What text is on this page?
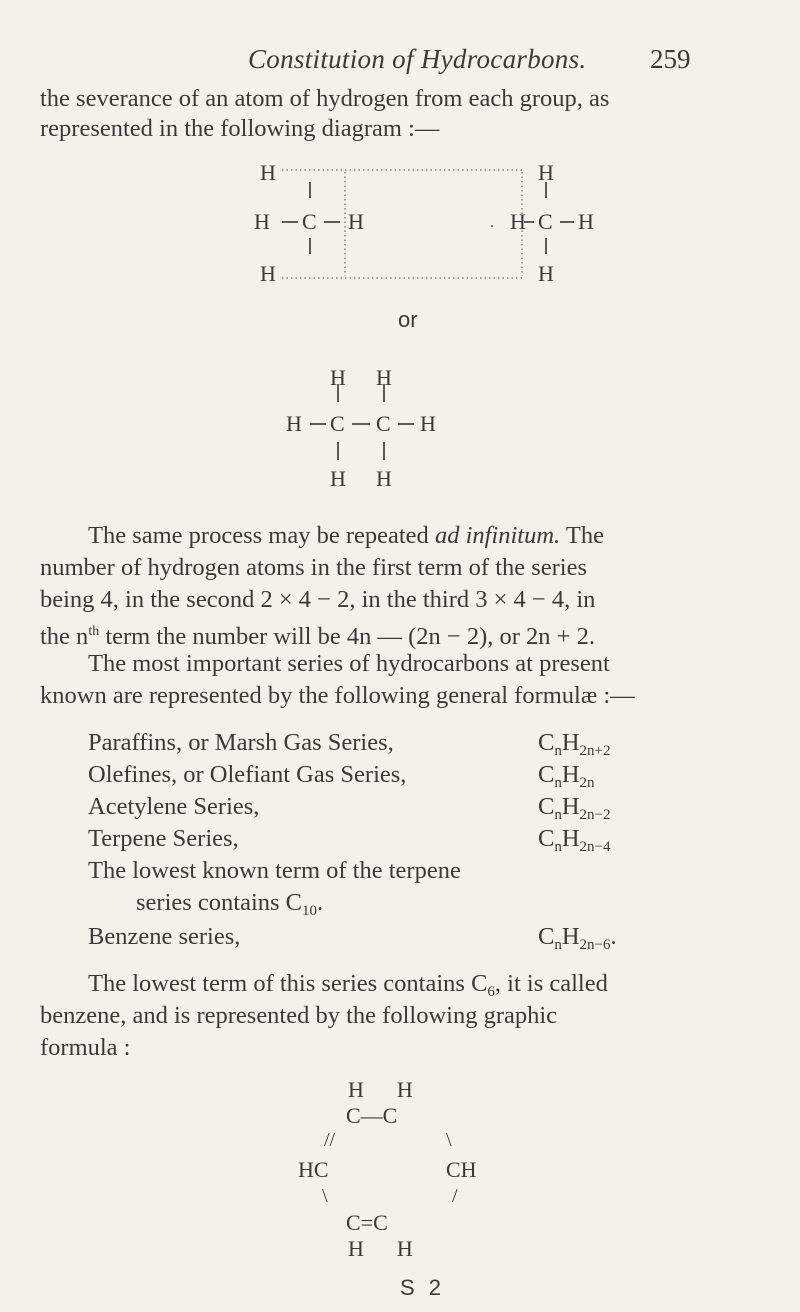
Constitution of Hydrocarbons. 259
the severance of an atom of hydrogen from each group, as
represented in the following diagram :—
H
H C H
H
H
H C H
H
.
or
H H
H C C H
H H
The same process may be repeated ad infinitum. The
number of hydrogen atoms in the first term of the series
being 4, in the second 2 × 4 − 2, in the third 3 × 4 − 4, in
the $n^{th}$ term the number will be 4n — (2n − 2), or 2n + 2.
The most important series of hydrocarbons at present
known are represented by the following general formulæ :—
Paraffins, or Marsh Gas Series,	$C_nH_{2n+2}$
Olefines, or Olefiant Gas Series,	$C_nH_{2n}$
Acetylene Series,	$C_nH_{2n-2}$
Terpene Series,	$C_nH_{2n-4}$
The lowest known term of the terpene
series contains $C_{10}$.
Benzene series,	$C_nH_{2n-6}$.
The lowest term of this series contains $C_6$, it is called
benzene, and is represented by the following graphic
formula :
H      H
C—C
//	\
HC	CH
\	/
C=C
H      H
S 2
